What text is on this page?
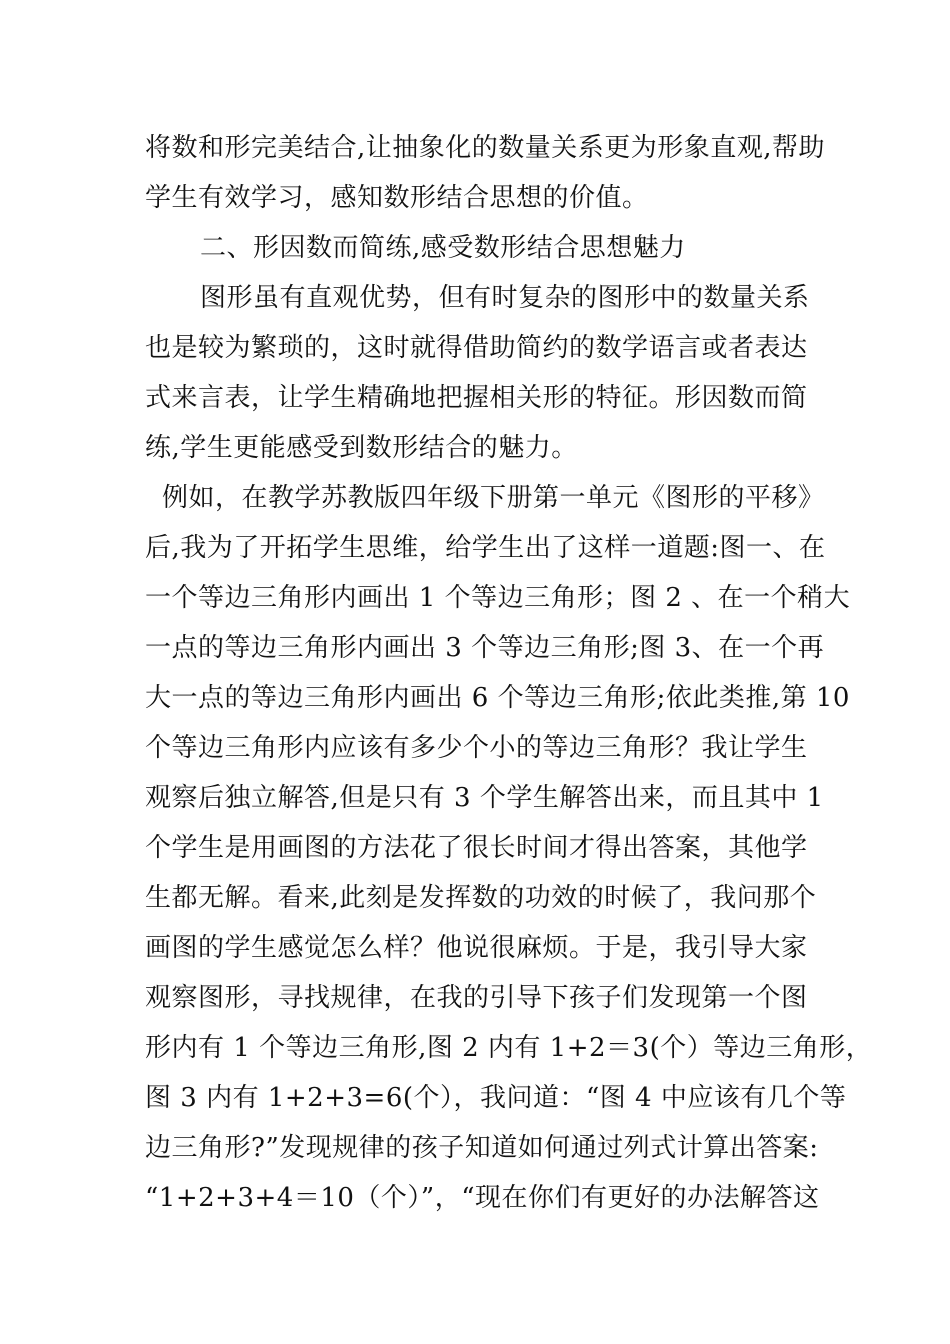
将数和形完美结合,让抽象化的数量关系更为形象直观,帮助
学生有效学习，感知数形结合思想的价值。
二、形因数而简练,感受数形结合思想魅力
图形虽有直观优势，但有时复杂的图形中的数量关系
也是较为繁琐的，这时就得借助简约的数学语言或者表达
式来言表，让学生精确地把握相关形的特征。形因数而简
练,学生更能感受到数形结合的魅力。
例如，在教学苏教版四年级下册第一单元《图形的平移》
后,我为了开拓学生思维，给学生出了这样一道题:图一、在
一个等边三角形内画出 1 个等边三角形；图 2 、在一个稍大
一点的等边三角形内画出 3 个等边三角形;图 3、在一个再
大一点的等边三角形内画出 6 个等边三角形;依此类推,第 10
个等边三角形内应该有多少个小的等边三角形？我让学生
观察后独立解答,但是只有 3 个学生解答出来，而且其中 1
个学生是用画图的方法花了很长时间才得出答案，其他学
生都无解。看来,此刻是发挥数的功效的时候了，我问那个
画图的学生感觉怎么样？他说很麻烦。于是，我引导大家
观察图形，寻找规律，在我的引导下孩子们发现第一个图
形内有 1 个等边三角形,图 2 内有 1+2＝3(个）等边三角形，
图 3 内有 1+2+3=6(个），我问道：“图 4 中应该有几个等
边三角形?”发现规律的孩子知道如何通过列式计算出答案:
“1+2+3+4＝10（个）”，“现在你们有更好的办法解答这
